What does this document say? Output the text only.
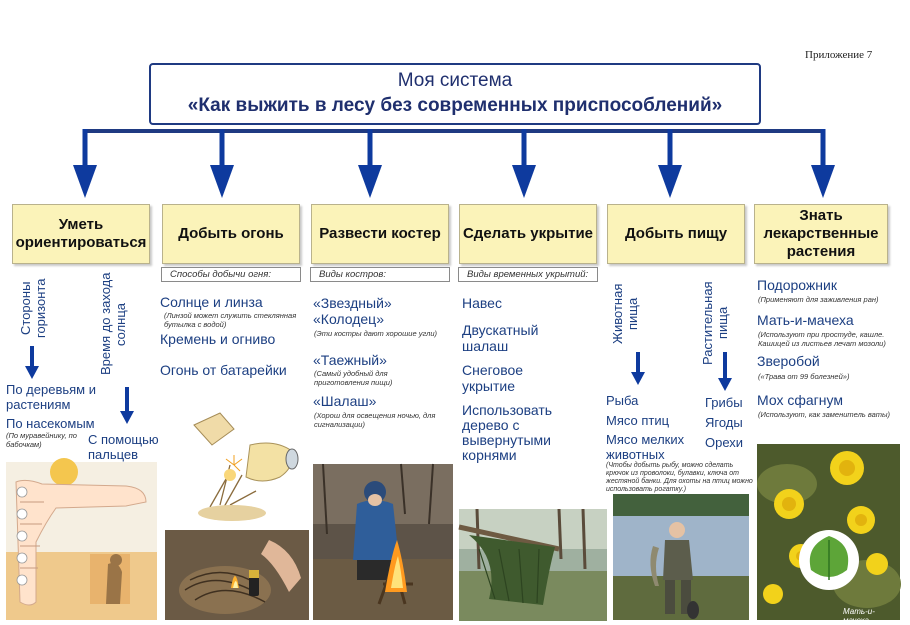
Приложение 7
Моя система
«Как выжить в лесу без современных приспособлений»
Уметь ориентироваться
Добыть огонь	Развести костер	Сделать укрытие	Добыть пищу
Знать лекарственные растения
Способы добычи огня:	Виды костров:	Виды временных укрытий:
Стороны горизонта	Время до захода солнца
По деревьям и растениям
По насекомым
(По муравейнику, по бабочкам)	С помощью пальцев
Солнце и линза
(Линзой может служить стеклянная бутылка с водой)
Кремень и огниво
Огонь от батарейки
«Звездный» «Колодец»
(Эти костры дают хорошие угли)
«Таежный»
(Самый удобный для приготовления пищи)
«Шалаш»
(Хорош для освещения ночью, для сигнализации)
Навес
Двускатный шалаш
Снеговое укрытие
Использовать дерево с вывернутыми корнями
Животная пища	Растительная пища
Рыба
Мясо птиц
Мясо мелких животных
Грибы
Ягоды
Орехи
(Чтобы добыть рыбу, можно сделать крючок из проволоки, булавки, ключа от жестяной банки. Для охоты на птиц можно использовать рогатку.)
Подорожник
(Применяют для заживления ран)
Мать-и-мачеха
(Используют при простуде, кашле. Кашицей из листьев лечат мозоли)
Зверобой
(«Трава от 99 болезней»)
Мох сфагнум
(Используют, как заменитель ваты)
Мать-и-мачеха
